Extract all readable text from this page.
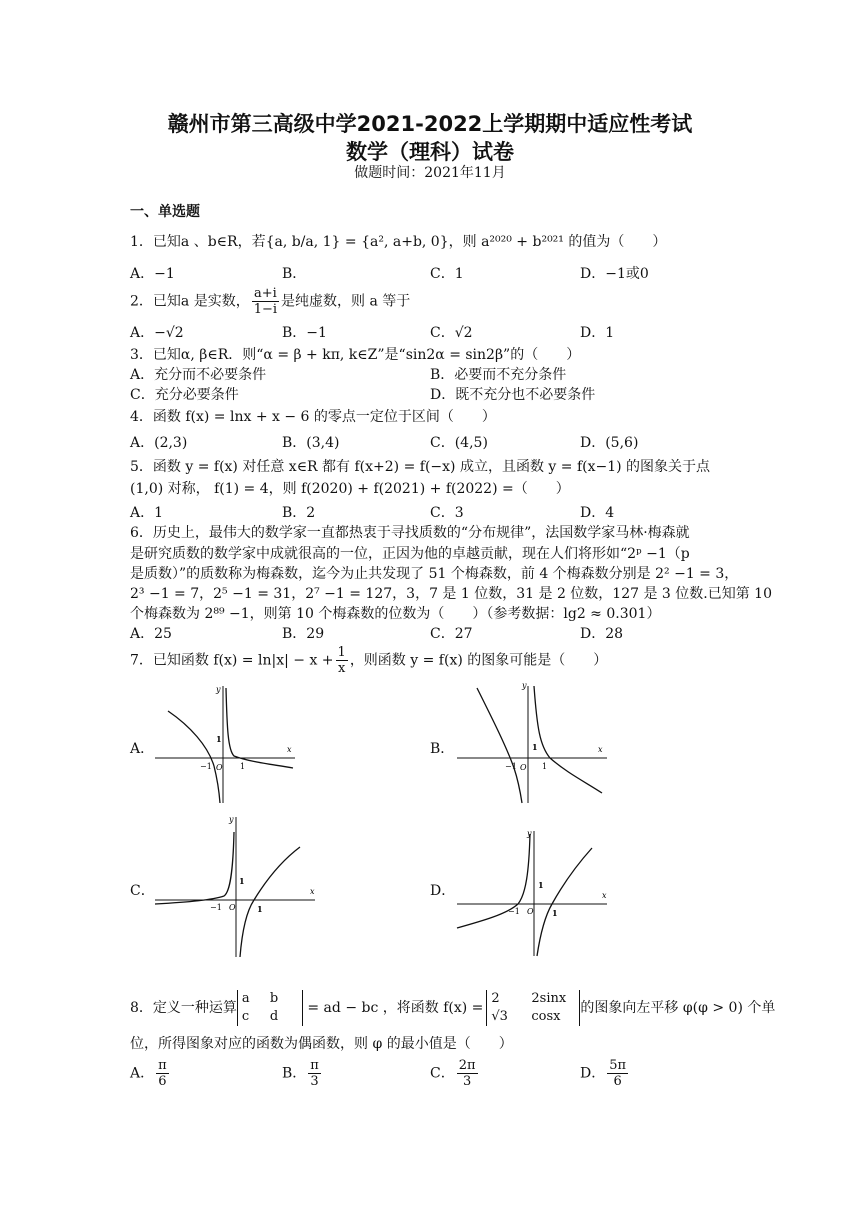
赣州市第三高级中学2021-2022上学期期中适应性考试
数学（理科）试卷
做题时间：2021年11月
一、单选题
1．已知a 、b∈R，若{a, b/a, 1} = {a², a+b, 0}，则 a²⁰²⁰ + b²⁰²¹ 的值为（　　）
A．−1	B．	C．1	D．−1或0
2．已知a 是实数， $\frac{a+i}{1-i}$ 是纯虚数，则 a 等于
A．−√2	B．−1	C．√2	D．1
3．已知α, β∈R．则“α = β + kπ, k∈Z”是“sin2α = sin2β”的（　　）
A．充分而不必要条件	B．必要而不充分条件
C．充分必要条件	D．既不充分也不必要条件
4．函数 f(x) = lnx + x − 6 的零点一定位于区间（　　）
A．(2,3)	B．(3,4)	C．(4,5)	D．(5,6)
5．函数 y = f(x) 对任意 x∈R 都有 f(x+2) = f(−x) 成立，且函数 y = f(x−1) 的图象关于点
(1,0) 对称， f(1) = 4，则 f(2020) + f(2021) + f(2022) =（　　）
A．1	B．2	C．3	D．4
6．历史上，最伟大的数学家一直都热衷于寻找质数的“分布规律”，法国数学家马林·梅森就
是研究质数的数学家中成就很高的一位，正因为他的卓越贡献，现在人们将形如“2ᵖ −1（p
是质数）”的质数称为梅森数，迄今为止共发现了 51 个梅森数，前 4 个梅森数分别是 2² −1 = 3，
2³ −1 = 7，2⁵ −1 = 31，2⁷ −1 = 127，3，7 是 1 位数，31 是 2 位数，127 是 3 位数.已知第 10
个梅森数为 2⁸⁹ −1，则第 10 个梅森数的位数为（　　）（参考数据：lg2 ≈ 0.301）
A．25	B．29	C．27	D．28
7．已知函数 $f(x) = \ln|x| - x + \frac{1}{x}$ ，则函数 y = f(x) 的图象可能是（　　）
A．	B．
C．	D．
x
y
O
−1	1
1
x
y
O
−1	1
1
x
y
O
−1	1
1
x
y
O
−1	1
1
8．定义一种运算a b
c d = ad − bc ，将函数 f(x) =2 2sinx
√3 cosx的图象向左平移 φ(φ > 0) 个单
位，所得图象对应的函数为偶函数，则 φ 的最小值是（　　）
A． $\frac{\pi}{6}$	B． $\frac{\pi}{3}$	C． $\frac{2\pi}{3}$	D． $\frac{5\pi}{6}$
